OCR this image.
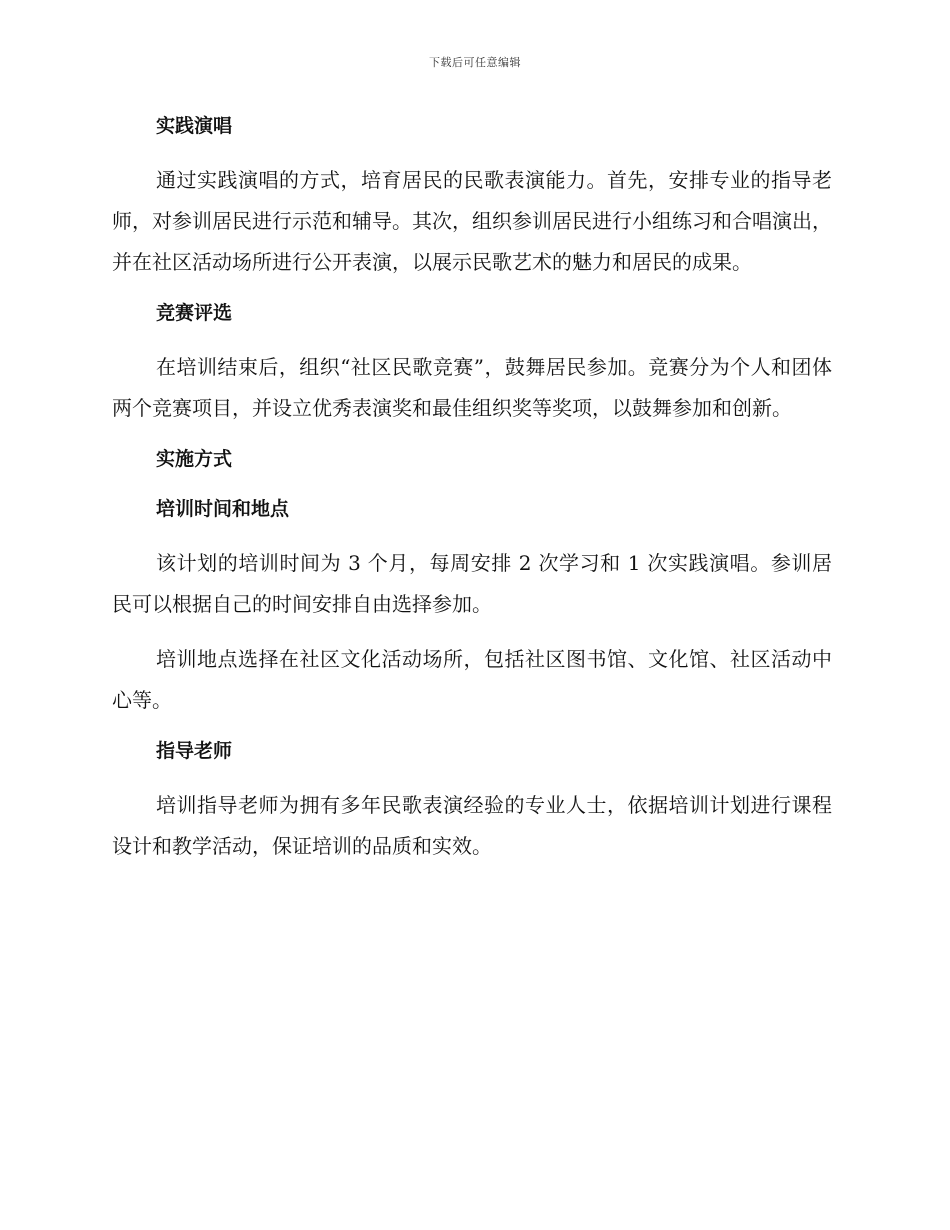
下载后可任意编辑
实践演唱

通过实践演唱的方式，培育居民的民歌表演能力。首先，安排专业的指导老师，对参训居民进行示范和辅导。其次，组织参训居民进行小组练习和合唱演出，并在社区活动场所进行公开表演，以展示民歌艺术的魅力和居民的成果。

竞赛评选

在培训结束后，组织“社区民歌竞赛”，鼓舞居民参加。竞赛分为个人和团体两个竞赛项目，并设立优秀表演奖和最佳组织奖等奖项，以鼓舞参加和创新。

实施方式
培训时间和地点

该计划的培训时间为 3 个月，每周安排 2 次学习和 1 次实践演唱。参训居民可以根据自己的时间安排自由选择参加。

培训地点选择在社区文化活动场所，包括社区图书馆、文化馆、社区活动中心等。

指导老师

培训指导老师为拥有多年民歌表演经验的专业人士，依据培训计划进行课程设计和教学活动，保证培训的品质和实效。
